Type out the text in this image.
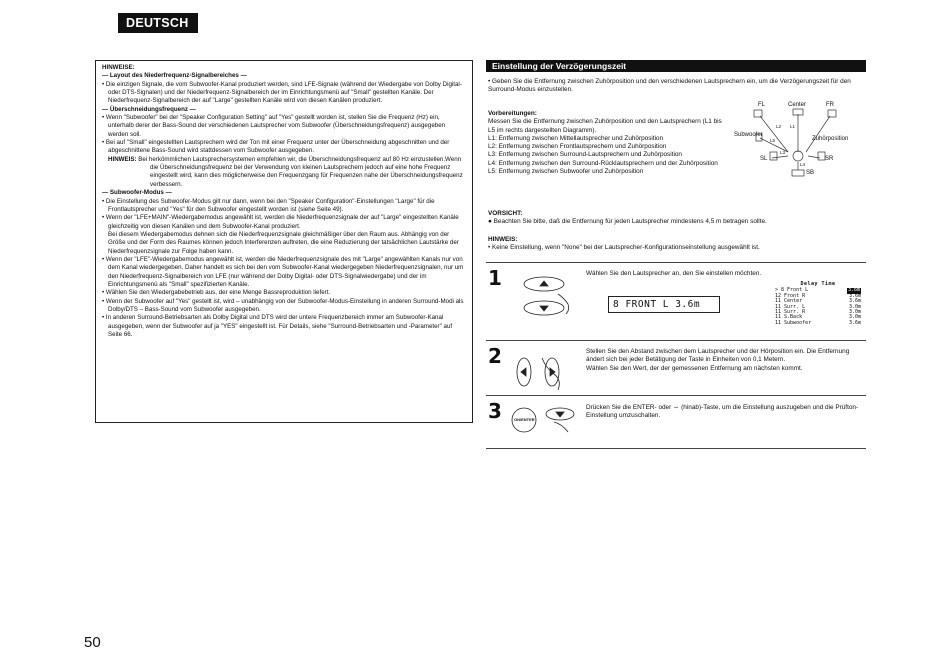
DEUTSCH

HINWEISE:

— Layout des Niederfrequenz-Signalbereiches —

• Die einzigen Signale, die vom Subwoofer-Kanal produziert werden, sind LFE-Signale (während der Wiedergabe von Dolby Digital- oder DTS-Signalen) und der Niederfrequenz-Signalbereich der im Einrichtungsmenü auf "Small" gestellten Kanäle. Der Niederfrequenz-Signalbereich der auf "Large" gestellten Kanäle wird von diesen Kanälen produziert.

— Überschneidungsfrequenz —

• Wenn "Subwoofer" bei der "Speaker Configuration Setting" auf "Yes" gestellt worden ist, stellen Sie die Frequenz (Hz) ein, unterhalb derer der Bass-Sound der verschiedenen Lautsprecher vom Subwoofer (Überschneidungsfrequenz) ausgegeben werden soll.

• Bei auf "Small" eingestellten Lautsprechern wird der Ton mit einer Frequenz unter der Überschneidung abgeschnitten und der abgeschnittene Bass-Sound wird stattdessen vom Subwoofer ausgegeben.

HINWEIS: Bei herkömmlichen Lautsprechersystemen empfehlen wir, die Überschneidungsfrequenz auf 80 Hz einzustellen.Wenn die Überschneidungsfrequenz bei der Verwendung von kleinen Lautsprechern jedoch auf eine hohe Frequenz eingestellt wird, kann dies möglicherweise den Frequenzgang für Frequenzen nahe der Überschneidungsfrequenz verbessern.

— Subwoofer-Modus —

• Die Einstellung des Subwoofer-Modus gilt nur dann, wenn bei den "Speaker Configuration"-Einstellungen "Large" für die Frontlautsprecher und "Yes" für den Subwoofer eingestellt worden ist (siehe Seite 49).

• Wenn der "LFE+MAIN"-Wiedergabemodus angewählt ist, werden die Niederfrequenzsignale der auf "Large" eingestellten Kanäle gleichzeitig von diesen Kanälen und dem Subwoofer-Kanal produziert.

Bei diesem Wiedergabemodus dehnen sich die Niederfrequenzsignale gleichmäßiger über den Raum aus. Abhängig von der Größe und der Form des Raumes können jedoch Interferenzen auftreten, die eine Reduzierung der tatsächlichen Lautstärke der Niederfrequenzsignale zur Folge haben kann.

• Wenn der "LFE"-Wiedergabemodus angewählt ist, werden die Niederfrequenzsignale des mit "Large" angewählten Kanals nur von dem Kanal wiedergegeben. Daher handelt es sich bei den vom Subwoofer-Kanal wiedergegeben Niederfrequenzsignalen, nur um den Niederfrequenz-Signalbereich von LFE (nur während der Dolby Digital- oder DTS-Signalwiedergabe) und der im Einrichtungsmenü als "Small" spezifizierten Kanäle.

• Wählen Sie den Wiedergabebetrieb aus, der eine Menge Bassreproduktion liefert.

• Wenn der Subwoofer auf "Yes" gestellt ist, wird – unabhängig von der Subwoofer-Modus-Einstellung in anderen Surround-Modi als Dolby/DTS – Bass-Sound vom Subwoofer ausgegeben.

• In anderen Surround-Betriebsarten als Dolby Digital und DTS wird der untere Frequenzbereich immer am Subwoofer-Kanal ausgegeben, wenn der Subwoofer auf ja "YES" eingestellt ist. Für Details, siehe "Surround-Betriebsarten und -Parameter" auf Seite 66.

Einstellung der Verzögerungszeit

• Geben Sie die Entfernung zwischen Zuhörposition und den verschiedenen Lautsprechern ein, um die Verzögerungszeit für den Surround-Modus einzustellen.

Vorbereitungen:

Messen Sie die Entfernung zwischen Zuhörposition und den Lautsprechern (L1 bis L5 im rechts dargestellten Diagramm).

L1: Entfernung zwischen Mittellautsprecher und Zuhörposition

L2: Entfernung zwischen Frontlautsprechern und Zuhörposition

L3: Entfernung zwischen Surround-Lautsprechern und Zuhörposition

L4: Entfernung zwischen den Surround-Rücklautsprechern und der Zuhörposition

L5: Entfernung zwischen Subwoofer und Zuhörposition

FL	Center	FR
Subwoofer
Zuhörposition
SL	SR
SB
L1
L2
L3
L4
L5

VORSICHT:

● Beachten Sie bitte, daß die Entfernung für jeden Lautsprecher mindestens 4,5 m betragen sollte.

HINWEIS:

• Keine Einstellung, wenn "None" bei der Lautsprecher-Konfigurationseinstellung ausgewählt ist.

1	Wählen Sie den Lautsprecher an, den Sie einstellen möchten.

8 FRONT L 3.6m
Delay Time
> 8 Front L	3.6m
12 Front R	3.6m
11 Center	3.6m
11 Surr. L	3.0m
11 Surr. R	3.0m
11 S.Back	3.0m
11 Subwoofer	3.6m
2	Stellen Sie den Abstand zwischen dem Lautsprecher und der Hörposition ein. Die Entfernung ändert sich bei jeder Betätigung der Taste in Einheiten von 0,1 Metern.

Wählen Sie den Wert, der der gemessenen Entfernung am nächsten kommt.

3	ON/ENTER

Drücken Sie die ENTER- oder ⇔ (hinab)-Taste, um die Einstellung auszugeben und die Prüfton-Einstellung umzuschalten.

50
